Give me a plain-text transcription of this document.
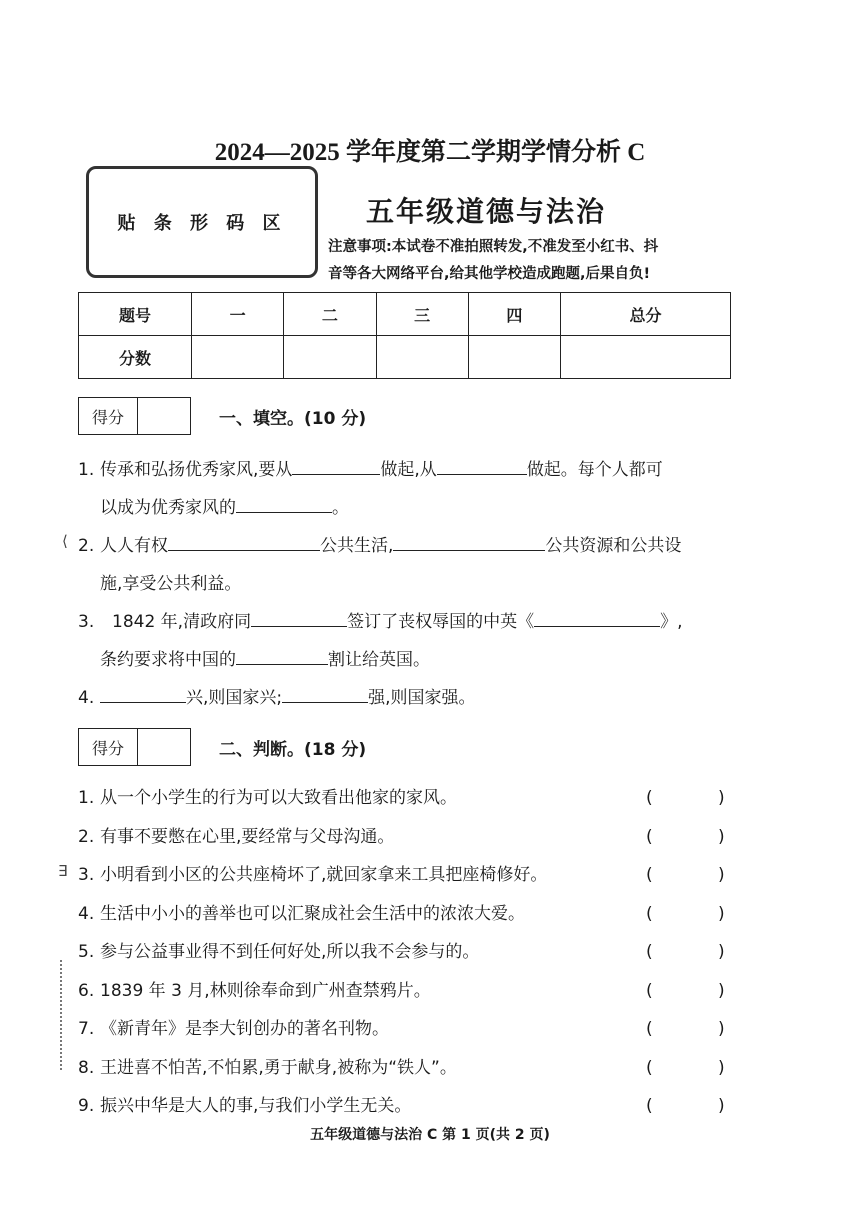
2024—2025 学年度第二学期学情分析 C
贴 条 形 码 区	五年级道德与法治
注意事项:本试卷不准拍照转发,不准发至小红书、抖
音等各大网络平台,给其他学校造成跑题,后果自负!
题号	一	二	三	四	总分
分数					
得分	一、填空。(10 分)
1. 传承和弘扬优秀家风,要从	做起,从	做起。每个人都可
以成为优秀家风的	。
2. 人人有权	公共生活,	公共资源和公共设
施,享受公共利益。
3. 1842 年,清政府同	签订了丧权辱国的中英《	》,
条约要求将中国的	割让给英国。
4.	兴,则国家兴;	强,则国家强。
得分	二、判断。(18 分)
1. 从一个小学生的行为可以大致看出他家的家风。	(	)
2. 有事不要憋在心里,要经常与父母沟通。	(	)
3. 小明看到小区的公共座椅坏了,就回家拿来工具把座椅修好。	(	)
4. 生活中小小的善举也可以汇聚成社会生活中的浓浓大爱。	(	)
5. 参与公益事业得不到任何好处,所以我不会参与的。	(	)
6. 1839 年 3 月,林则徐奉命到广州查禁鸦片。	(	)
7. 《新青年》是李大钊创办的著名刊物。	(	)
8. 王进喜不怕苦,不怕累,勇于献身,被称为“铁人”。	(	)
9. 振兴中华是大人的事,与我们小学生无关。	(	)
五年级道德与法治 C 第 1 页(共 2 页)
⟨
∃
